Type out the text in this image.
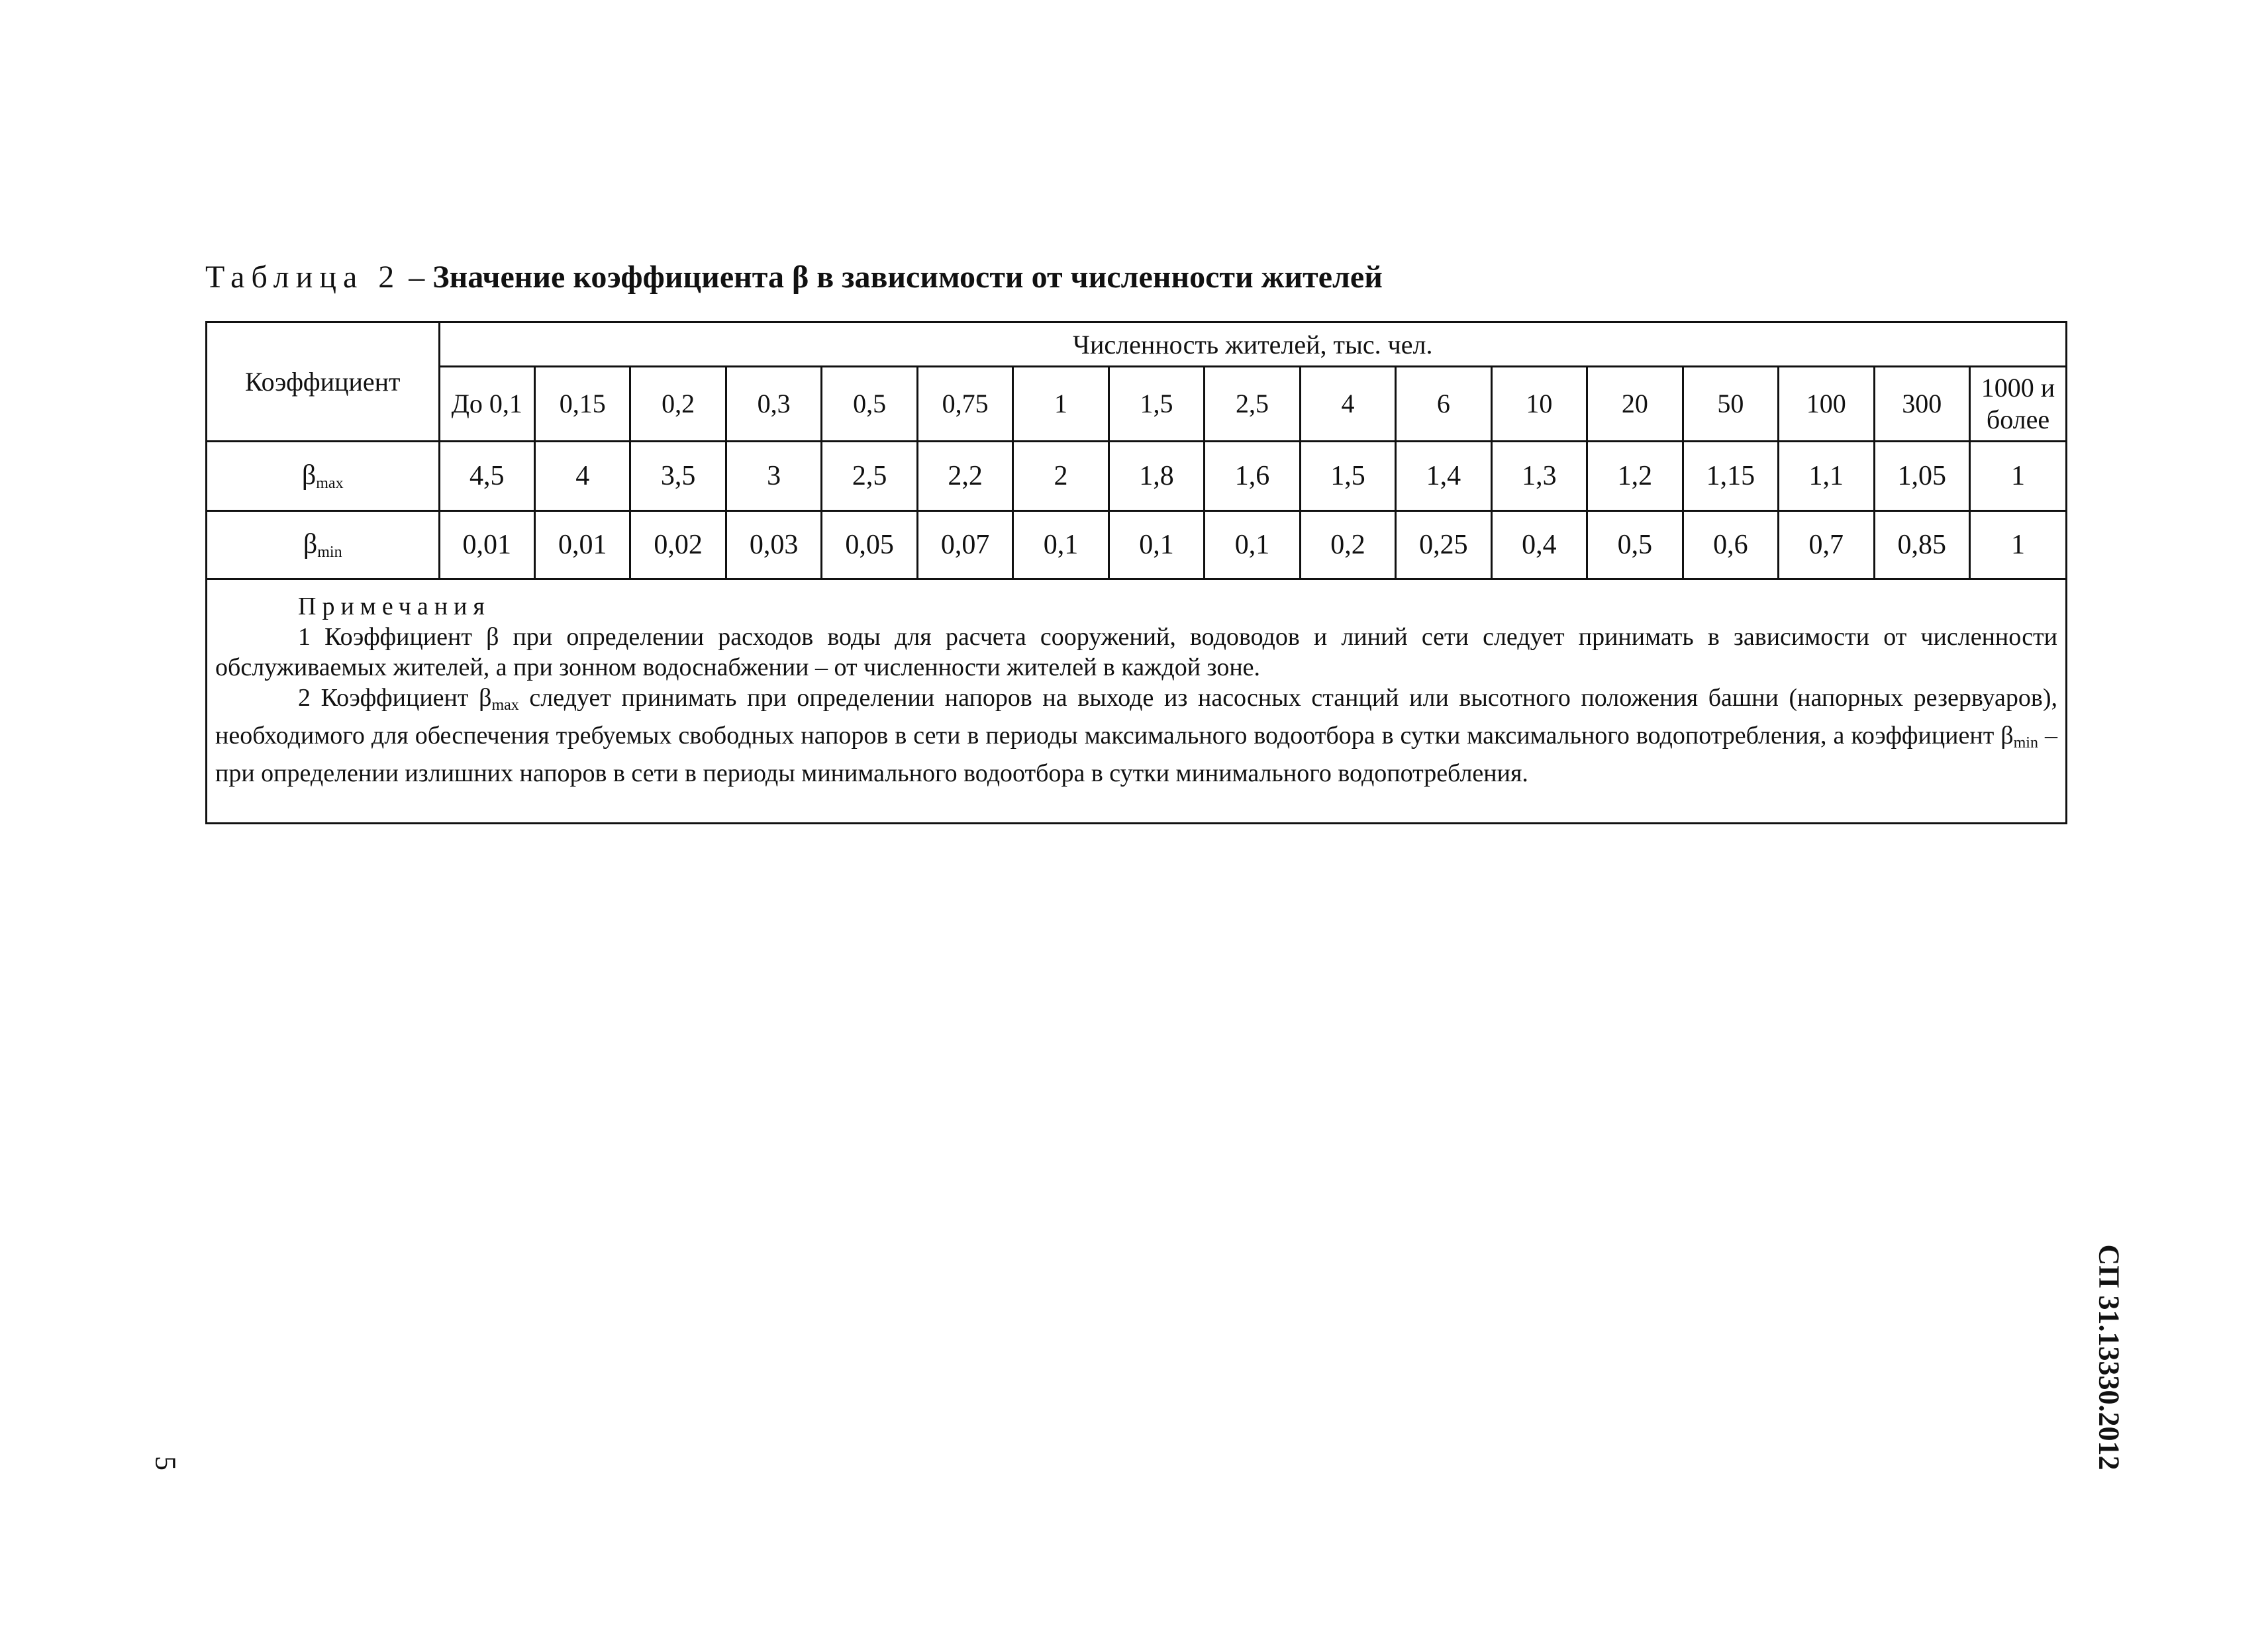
Таблица 2 – Значение коэффициента β в зависимости от численности жителей
Коэффициент	Численность жителей, тыс. чел.																
	До 0,1	0,15	0,2	0,3	0,5	0,75	1	1,5	2,5	4	6	10	20	50	100	300	1000 и более
$\beta_{max}$	4,5	4	3,5	3	2,5	2,2	2	1,8	1,6	1,5	1,4	1,3	1,2	1,15	1,1	1,05	1
$\beta_{min}$	0,01	0,01	0,02	0,03	0,05	0,07	0,1	0,1	0,1	0,2	0,25	0,4	0,5	0,6	0,7	0,85	1
Примечания

1 Коэффициент β при определении расходов воды для расчета сооружений, водоводов и линий сети следует принимать в зависимости от численности обслуживаемых жителей, а при зонном водоснабжении – от численности жителей в каждой зоне.

2 Коэффициент $\beta_{max}$ следует принимать при определении напоров на выходе из насосных станций или высотного положения башни (напорных резервуаров), необходимого для обеспечения требуемых свободных напоров в сети в периоды максимального водоотбора в сутки максимального водопотребления, а коэффициент $\beta_{min}$ – при определении излишних напоров в сети в периоды минимального водоотбора в сутки минимального водопотребления.

СП 31.13330.2012
5
